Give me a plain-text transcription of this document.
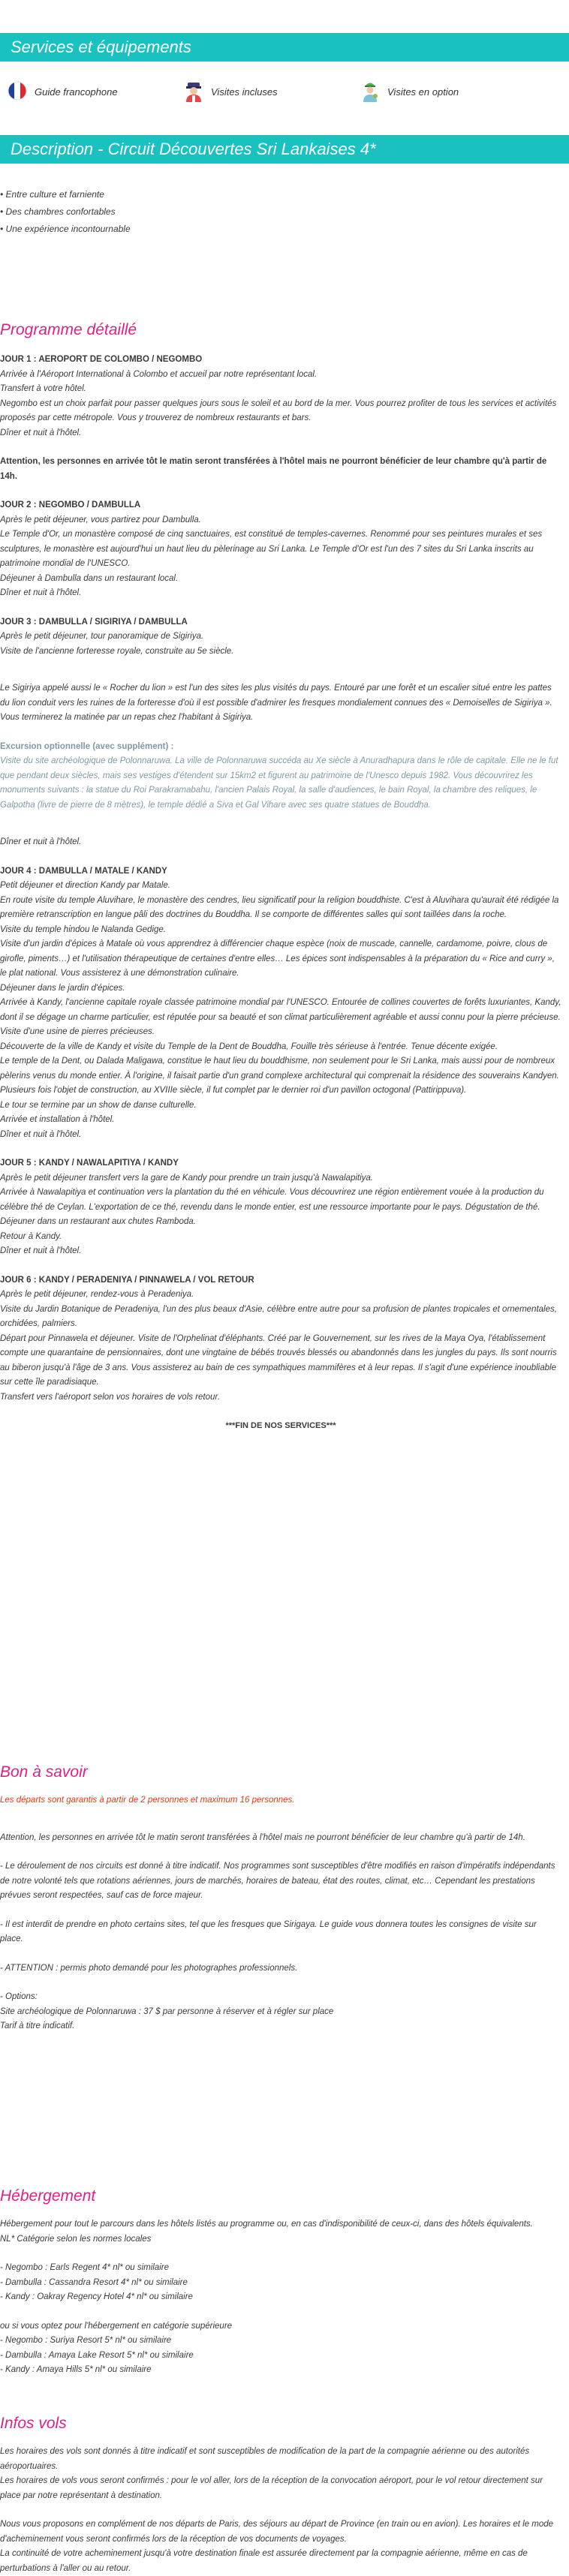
Services et équipements
Guide francophone	Visites incluses	Visites en option
Description - Circuit Découvertes Sri Lankaises 4*
• Entre culture et farniente
• Des chambres confortables
• Une expérience incontournable
Programme détaillé

JOUR 1 : AEROPORT DE COLOMBO / NEGOMBO

Arrivée à l'Aéroport International à Colombo et accueil par notre représentant local.

Transfert à votre hôtel.

Negombo est un choix parfait pour passer quelques jours sous le soleil et au bord de la mer. Vous pourrez profiter de tous les services et activités proposés par cette métropole. Vous y trouverez de nombreux restaurants et bars.

Dîner et nuit à l'hôtel.

Attention, les personnes en arrivée tôt le matin seront transférées à l'hôtel mais ne pourront bénéficier de leur chambre qu'à partir de 14h.

JOUR 2 : NEGOMBO / DAMBULLA

Après le petit déjeuner, vous partirez pour Dambulla.

Le Temple d'Or, un monastère composé de cinq sanctuaires, est constitué de temples-cavernes. Renommé pour ses peintures murales et ses sculptures, le monastère est aujourd'hui un haut lieu du pèlerinage au Sri Lanka. Le Temple d'Or est l'un des 7 sites du Sri Lanka inscrits au patrimoine mondial de l'UNESCO.

Déjeuner à Dambulla dans un restaurant local.

Dîner et nuit à l'hôtel.

JOUR 3 : DAMBULLA / SIGIRIYA / DAMBULLA

Après le petit déjeuner, tour panoramique de Sigiriya.

Visite de l'ancienne forteresse royale, construite au 5e siècle.

Le Sigiriya appelé aussi le « Rocher du lion » est l'un des sites les plus visités du pays. Entouré par une forêt et un escalier situé entre les pattes du lion conduit vers les ruines de la forteresse d'où il est possible d'admirer les fresques mondialement connues des « Demoiselles de Sigiriya ».

Vous terminerez la matinée par un repas chez l'habitant à Sigiriya.

Excursion optionnelle (avec supplément) :

Visite du site archéologique de Polonnaruwa. La ville de Polonnaruwa succéda au Xe siècle à Anuradhapura dans le rôle de capitale. Elle ne le fut que pendant deux siècles, mais ses vestiges d'étendent sur 15km2 et figurent au patrimoine de l'Unesco depuis 1982. Vous découvrirez les monuments suivants : la statue du Roi Parakramabahu, l'ancien Palais Royal, la salle d'audiences, le bain Royal, la chambre des reliques, le Galpotha (livre de pierre de 8 mètres), le temple dédié a Siva et Gal Vihare avec ses quatre statues de Bouddha.

Dîner et nuit à l'hôtel.

JOUR 4 : DAMBULLA / MATALE / KANDY

Petit déjeuner et direction Kandy par Matale.

En route visite du temple Aluvihare, le monastère des cendres, lieu significatif pour la religion bouddhiste. C'est à Aluvihara qu'aurait été rédigée la première retranscription en langue pâli des doctrines du Bouddha. Il se comporte de différentes salles qui sont taillées dans la roche.

Visite du temple hindou le Nalanda Gedige.

Visite d'un jardin d'épices à Matale où vous apprendrez à différencier chaque espèce (noix de muscade, cannelle, cardamome, poivre, clous de girofle, piments…) et l'utilisation thérapeutique de certaines d'entre elles… Les épices sont indispensables à la préparation du « Rice and curry », le plat national. Vous assisterez à une démonstration culinaire.

Déjeuner dans le jardin d'épices.

Arrivée à Kandy, l'ancienne capitale royale classée patrimoine mondial par l'UNESCO. Entourée de collines couvertes de forêts luxuriantes, Kandy, dont il se dégage un charme particulier, est réputée pour sa beauté et son climat particulièrement agréable et aussi connu pour la pierre précieuse. Visite d'une usine de pierres précieuses.

Découverte de la ville de Kandy et visite du Temple de la Dent de Bouddha, Fouille très sérieuse à l'entrée. Tenue décente exigée.

Le temple de la Dent, ou Dalada Maligawa, constitue le haut lieu du bouddhisme, non seulement pour le Sri Lanka, mais aussi pour de nombreux pèlerins venus du monde entier. À l'origine, il faisait partie d'un grand complexe architectural qui comprenait la résidence des souverains Kandyen. Plusieurs fois l'objet de construction, au XVIIIe siècle, il fut complet par le dernier roi d'un pavillon octogonal (Pattirippuva).

Le tour se termine par un show de danse culturelle.

Arrivée et installation à l'hôtel.

Dîner et nuit à l'hôtel.

JOUR 5 : KANDY / NAWALAPITIYA / KANDY

Après le petit déjeuner transfert vers la gare de Kandy pour prendre un train jusqu'à Nawalapitiya.

Arrivée à Nawalapitiya et continuation vers la plantation du thé en véhicule. Vous découvrirez une région entièrement vouée à la production du célèbre thé de Ceylan. L'exportation de ce thé, revendu dans le monde entier, est une ressource importante pour le pays. Dégustation de thé.

Déjeuner dans un restaurant aux chutes Ramboda.

Retour à Kandy.

Dîner et nuit à l'hôtel.

JOUR 6 : KANDY / PERADENIYA / PINNAWELA / VOL RETOUR

Après le petit déjeuner, rendez-vous à Peradeniya.

Visite du Jardin Botanique de Peradeniya, l'un des plus beaux d'Asie, célèbre entre autre pour sa profusion de plantes tropicales et ornementales, orchidées, palmiers.

Départ pour Pinnawela et déjeuner. Visite de l'Orphelinat d'éléphants. Créé par le Gouvernement, sur les rives de la Maya Oya, l'établissement compte une quarantaine de pensionnaires, dont une vingtaine de bébés trouvés blessés ou abandonnés dans les jungles du pays. Ils sont nourris au biberon jusqu'à l'âge de 3 ans. Vous assisterez au bain de ces sympathiques mammifères et à leur repas. Il s'agit d'une expérience inoubliable sur cette île paradisiaque.

Transfert vers l'aéroport selon vos horaires de vols retour.

***FIN DE NOS SERVICES***

Bon à savoir

Les départs sont garantis à partir de 2 personnes et maximum 16 personnes.

Attention, les personnes en arrivée tôt le matin seront transférées à l'hôtel mais ne pourront bénéficier de leur chambre qu'à partir de 14h.

- Le déroulement de nos circuits est donné à titre indicatif. Nos programmes sont susceptibles d'être modifiés en raison d'impératifs indépendants de notre volonté tels que rotations aériennes, jours de marchés, horaires de bateau, état des routes, climat, etc… Cependant les prestations prévues seront respectées, sauf cas de force majeur.

- Il est interdit de prendre en photo certains sites, tel que les fresques que Sirigaya. Le guide vous donnera toutes les consignes de visite sur place.

- ATTENTION : permis photo demandé pour les photographes professionnels.

- Options:

Site archéologique de Polonnaruwa : 37 $ par personne à réserver et à régler sur place

Tarif à titre indicatif.

Hébergement

Hébergement pour tout le parcours dans les hôtels listés au programme ou, en cas d'indisponibilité de ceux-ci, dans des hôtels équivalents.

NL* Catégorie selon les normes locales

- Negombo : Earls Regent 4* nl* ou similaire

- Dambulla : Cassandra Resort 4* nl* ou similaire

- Kandy : Oakray Regency Hotel 4* nl* ou similaire

ou si vous optez pour l'hébergement en catégorie supérieure

- Negombo : Suriya Resort 5* nl* ou similaire

- Dambulla : Amaya Lake Resort 5* nl* ou similaire

- Kandy : Amaya Hills 5* nl* ou similaire

Infos vols

Les horaires des vols sont donnés à titre indicatif et sont susceptibles de modification de la part de la compagnie aérienne ou des autorités aéroportuaires.

Les horaires de vols vous seront confirmés : pour le vol aller, lors de la réception de la convocation aéroport, pour le vol retour directement sur place par notre représentant à destination.

Nous vous proposons en complément de nos départs de Paris, des séjours au départ de Province (en train ou en avion). Les horaires et le mode d'acheminement vous seront confirmés lors de la réception de vos documents de voyages.

La continuité de votre acheminement jusqu'à votre destination finale est assurée directement par la compagnie aérienne, même en cas de perturbations à l'aller ou au retour.
